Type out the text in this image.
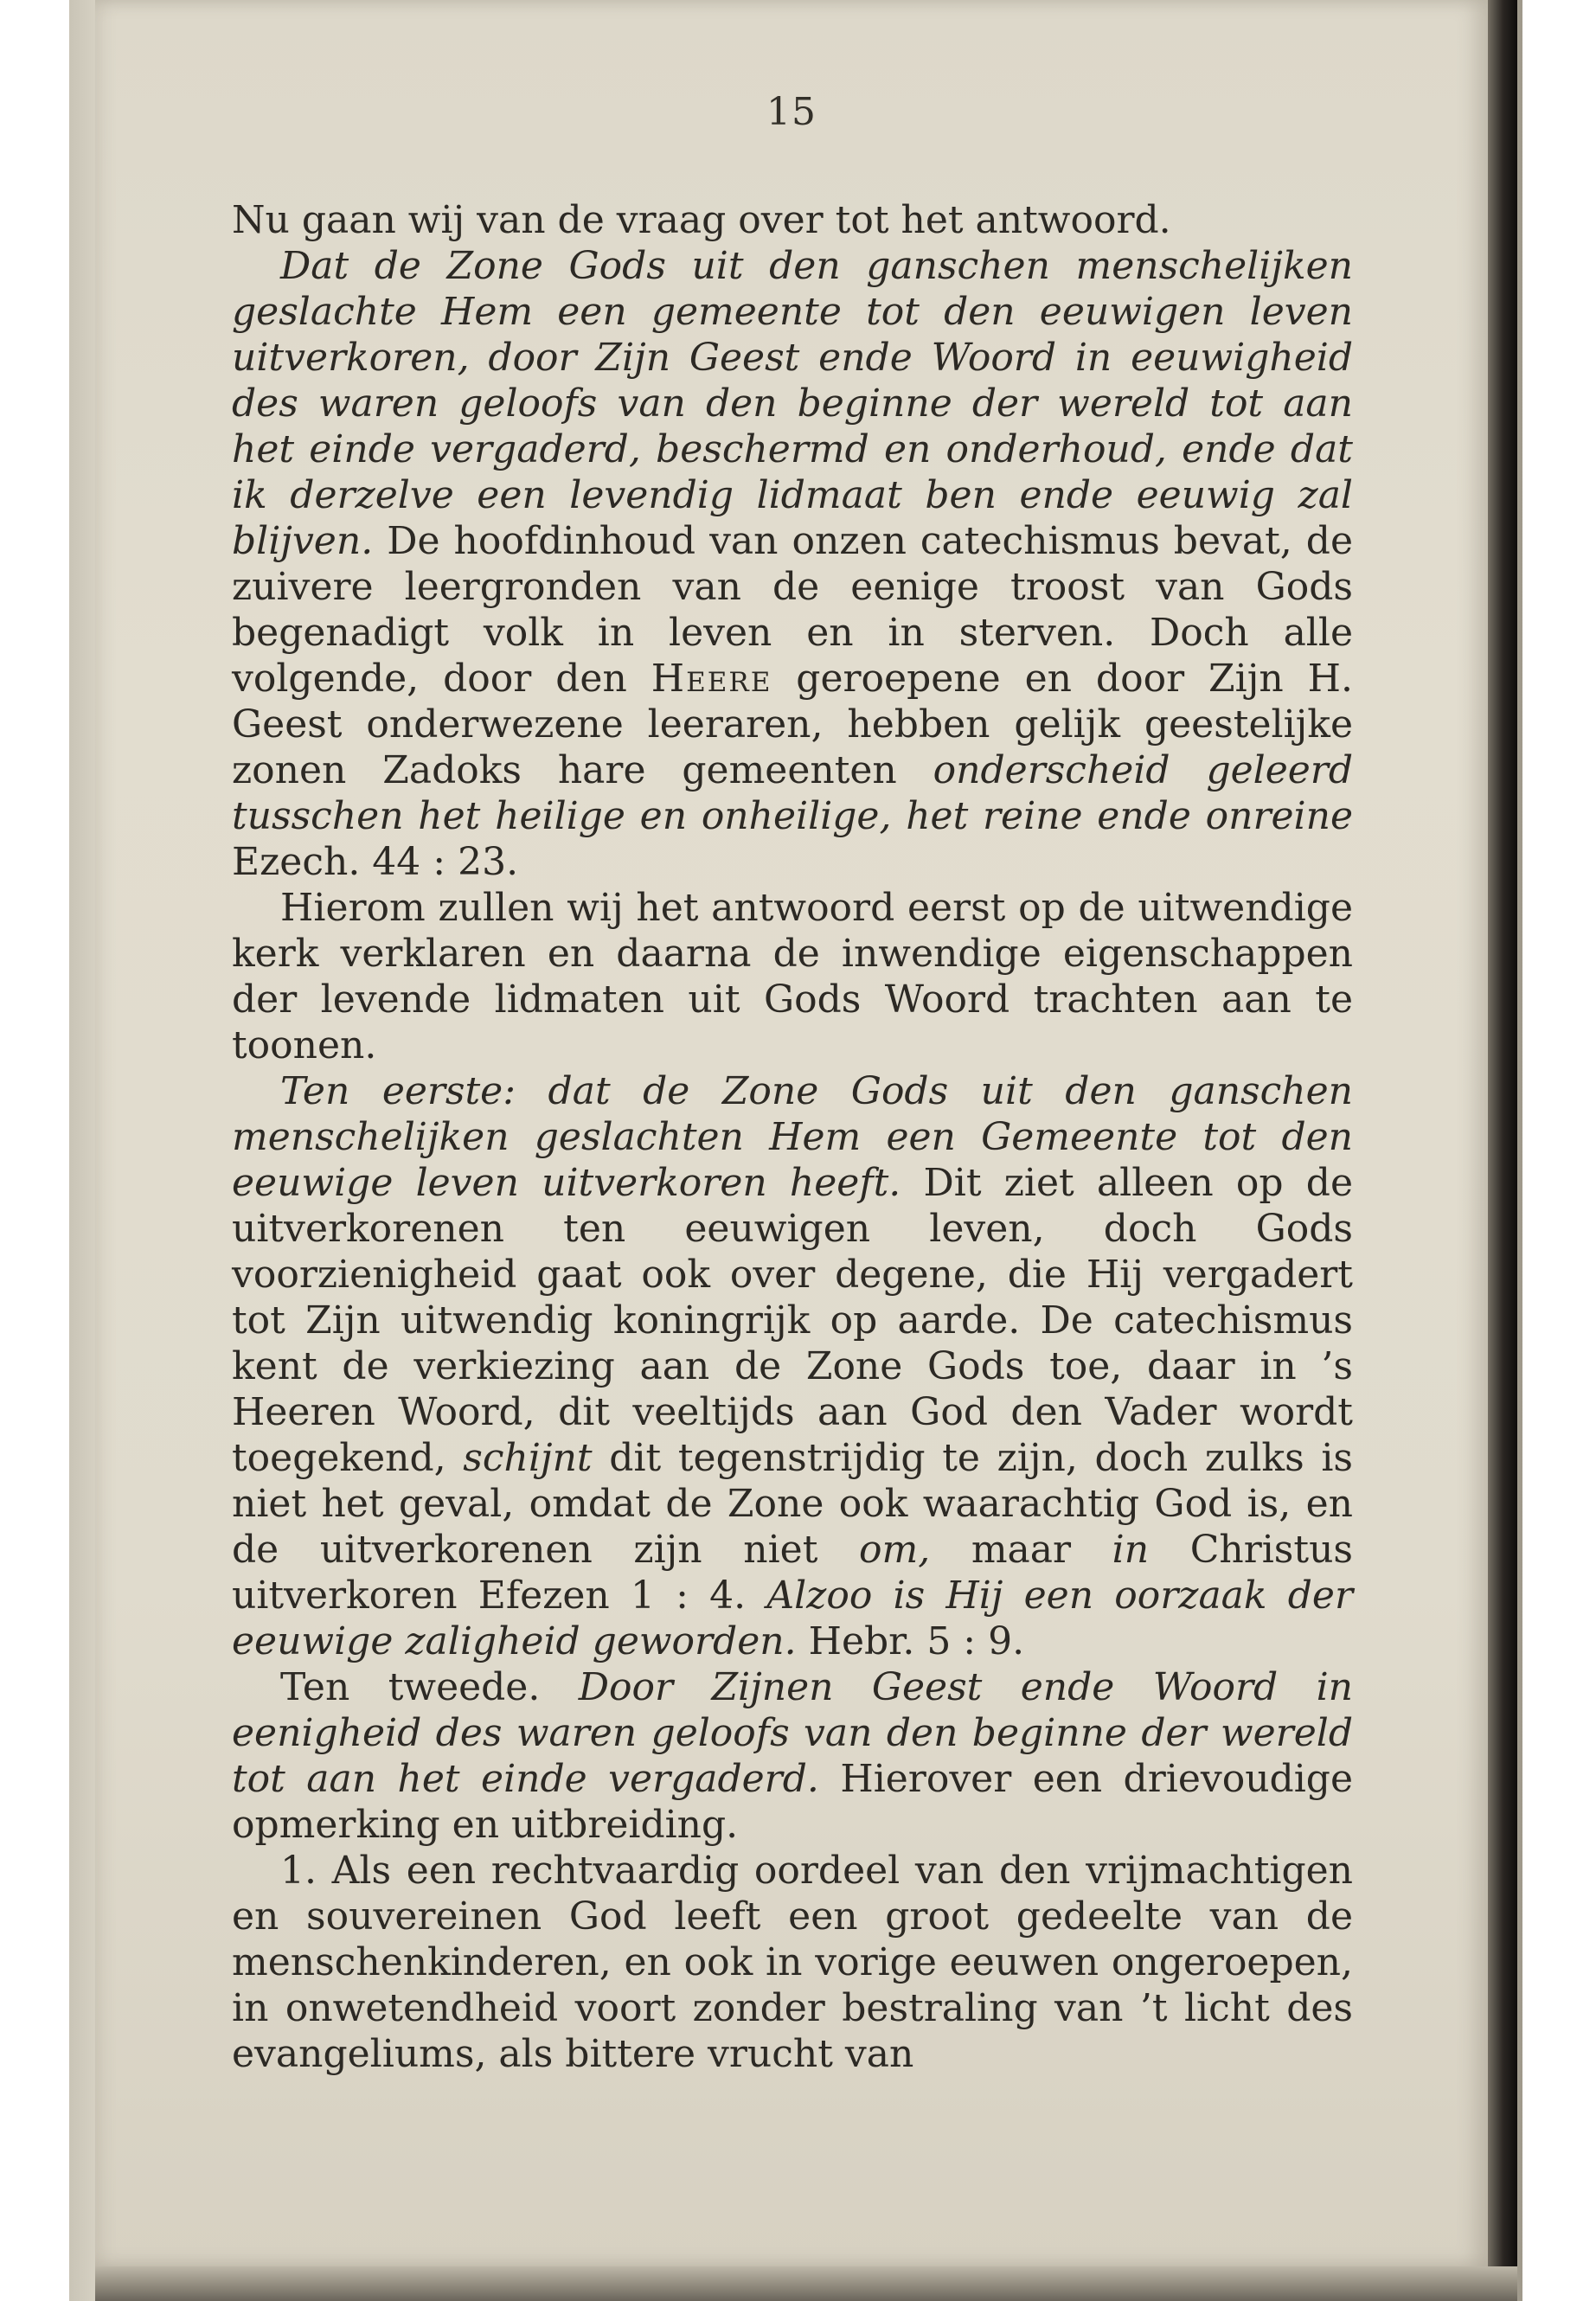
15

Nu gaan wij van de vraag over tot het antwoord.

Dat de Zone Gods uit den ganschen menschelijken geslachte Hem een gemeente tot den eeuwigen leven uitverkoren, door Zijn Geest ende Woord in eeuwigheid des waren geloofs van den beginne der wereld tot aan het einde vergaderd, beschermd en onderhoud, ende dat ik derzelve een levendig lidmaat ben ende eeuwig zal blijven. De hoofdinhoud van onzen catechismus bevat, de zuivere leergronden van de eenige troost van Gods begenadigt volk in leven en in sterven. Doch alle volgende, door den Heere geroepene en door Zijn H. Geest onderwezene leeraren, hebben gelijk geestelijke zonen Zadoks hare gemeenten onderscheid geleerd tusschen het heilige en onheilige, het reine ende onreine Ezech. 44 : 23.

Hierom zullen wij het antwoord eerst op de uitwendige kerk verklaren en daarna de inwendige eigenschappen der levende lidmaten uit Gods Woord trachten aan te toonen.

Ten eerste: dat de Zone Gods uit den ganschen menschelijken geslachten Hem een Gemeente tot den eeuwige leven uitverkoren heeft. Dit ziet alleen op de uitverkorenen ten eeuwigen leven, doch Gods voorzienigheid gaat ook over degene, die Hij vergadert tot Zijn uitwendig koningrijk op aarde. De catechismus kent de verkiezing aan de Zone Gods toe, daar in ’s Heeren Woord, dit veeltijds aan God den Vader wordt toegekend, schijnt dit tegenstrijdig te zijn, doch zulks is niet het geval, omdat de Zone ook waarachtig God is, en de uitverkorenen zijn niet om, maar in Christus uitverkoren Efezen 1 : 4. Alzoo is Hij een oorzaak der eeuwige zaligheid geworden. Hebr. 5 : 9.

Ten tweede. Door Zijnen Geest ende Woord in eenigheid des waren geloofs van den beginne der wereld tot aan het einde vergaderd. Hierover een drievoudige opmerking en uitbreiding.

1. Als een rechtvaardig oordeel van den vrijmachtigen en souvereinen God leeft een groot gedeelte van de menschenkinderen, en ook in vorige eeuwen ongeroepen, in onwetendheid voort zonder bestraling van ’t licht des evangeliums, als bittere vrucht van
